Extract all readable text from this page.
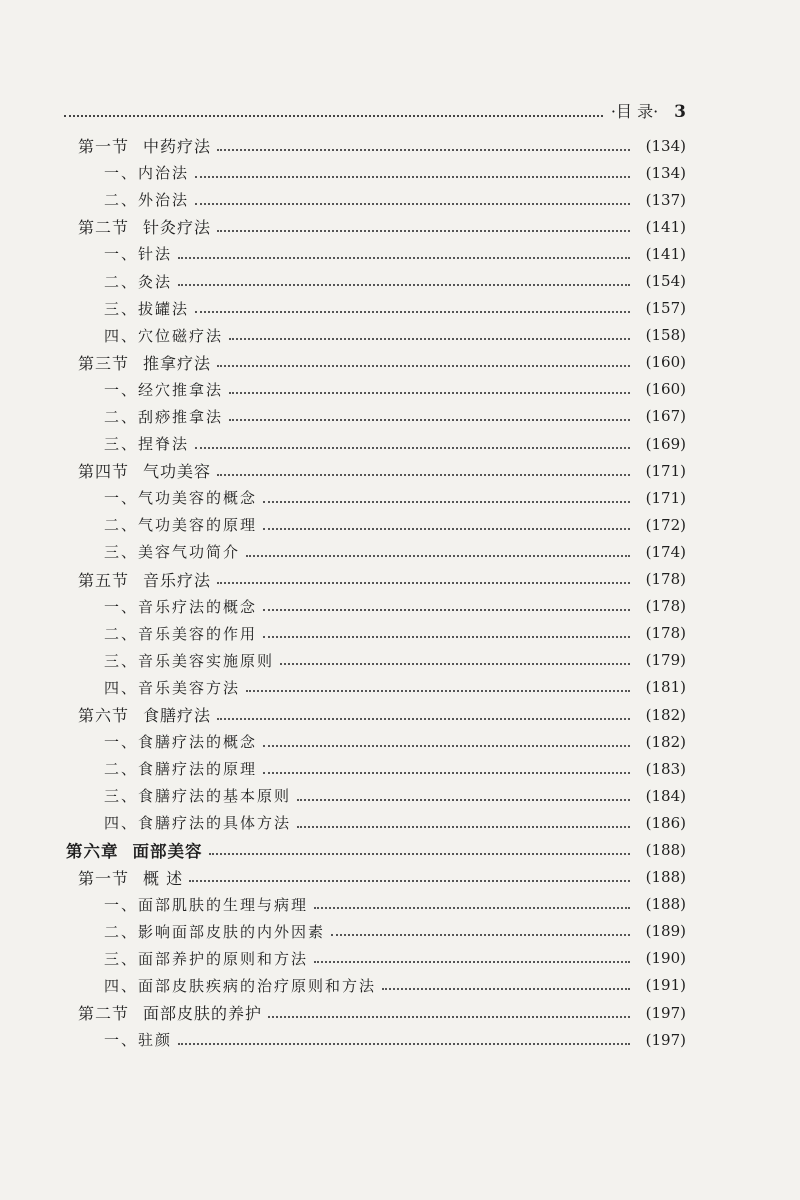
·目 录· 3
第一节 中药疗法	(134)
一、内治法	(134)
二、外治法	(137)
第二节 针灸疗法	(141)
一、针法	(141)
二、灸法	(154)
三、拔罐法	(157)
四、穴位磁疗法	(158)
第三节 推拿疗法	(160)
一、经穴推拿法	(160)
二、刮痧推拿法	(167)
三、捏脊法	(169)
第四节 气功美容	(171)
一、气功美容的概念	(171)
二、气功美容的原理	(172)
三、美容气功简介	(174)
第五节 音乐疗法	(178)
一、音乐疗法的概念	(178)
二、音乐美容的作用	(178)
三、音乐美容实施原则	(179)
四、音乐美容方法	(181)
第六节 食膳疗法	(182)
一、食膳疗法的概念	(182)
二、食膳疗法的原理	(183)
三、食膳疗法的基本原则	(184)
四、食膳疗法的具体方法	(186)
第六章 面部美容	(188)
第一节 概 述	(188)
一、面部肌肤的生理与病理	(188)
二、影响面部皮肤的内外因素	(189)
三、面部养护的原则和方法	(190)
四、面部皮肤疾病的治疗原则和方法	(191)
第二节 面部皮肤的养护	(197)
一、驻颜	(197)
